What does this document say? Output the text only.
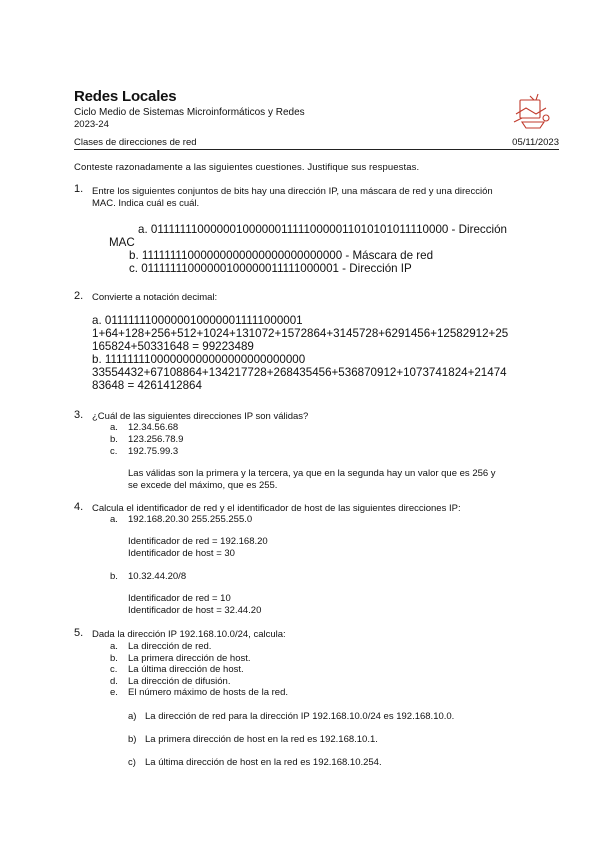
Redes Locales
Ciclo Medio de Sistemas Microinformáticos y Redes
2023-24
Clases de direcciones de red	05/11/2023
Conteste razonadamente a las siguientes cuestiones. Justifique sus respuestas.
1. Entre los siguientes conjuntos de bits hay una dirección IP, una máscara de red y una dirección
MAC. Indica cuál es cuál.
a. 011111110000001000000111110000011010101011110000 - Dirección
MAC
b. 11111111000000000000000000000000 - Máscara de red
c. 01111111000000100000011111000001 - Dirección IP
2. Convierte a notación decimal:
a. 01111111000000100000011111000001
1+64+128+256+512+1024+131072+1572864+3145728+6291456+12582912+25
165824+50331648 = 99223489
b. 11111111000000000000000000000000
33554432+67108864+134217728+268435456+536870912+1073741824+21474
83648 = 4261412864
3. ¿Cuál de las siguientes direcciones IP son válidas?
a. 12.34.56.68
b. 123.256.78.9
c. 192.75.99.3
Las válidas son la primera y la tercera, ya que en la segunda hay un valor que es 256 y
se excede del máximo, que es 255.
4. Calcula el identificador de red y el identificador de host de las siguientes direcciones IP:
a. 192.168.20.30 255.255.255.0
Identificador de red = 192.168.20
Identificador de host = 30
b. 10.32.44.20/8
Identificador de red = 10
Identificador de host = 32.44.20
5. Dada la dirección IP 192.168.10.0/24, calcula:
a. La dirección de red.
b. La primera dirección de host.
c. La última dirección de host.
d. La dirección de difusión.
e. El número máximo de hosts de la red.
a) La dirección de red para la dirección IP 192.168.10.0/24 es 192.168.10.0.
b) La primera dirección de host en la red es 192.168.10.1.
c) La última dirección de host en la red es 192.168.10.254.
